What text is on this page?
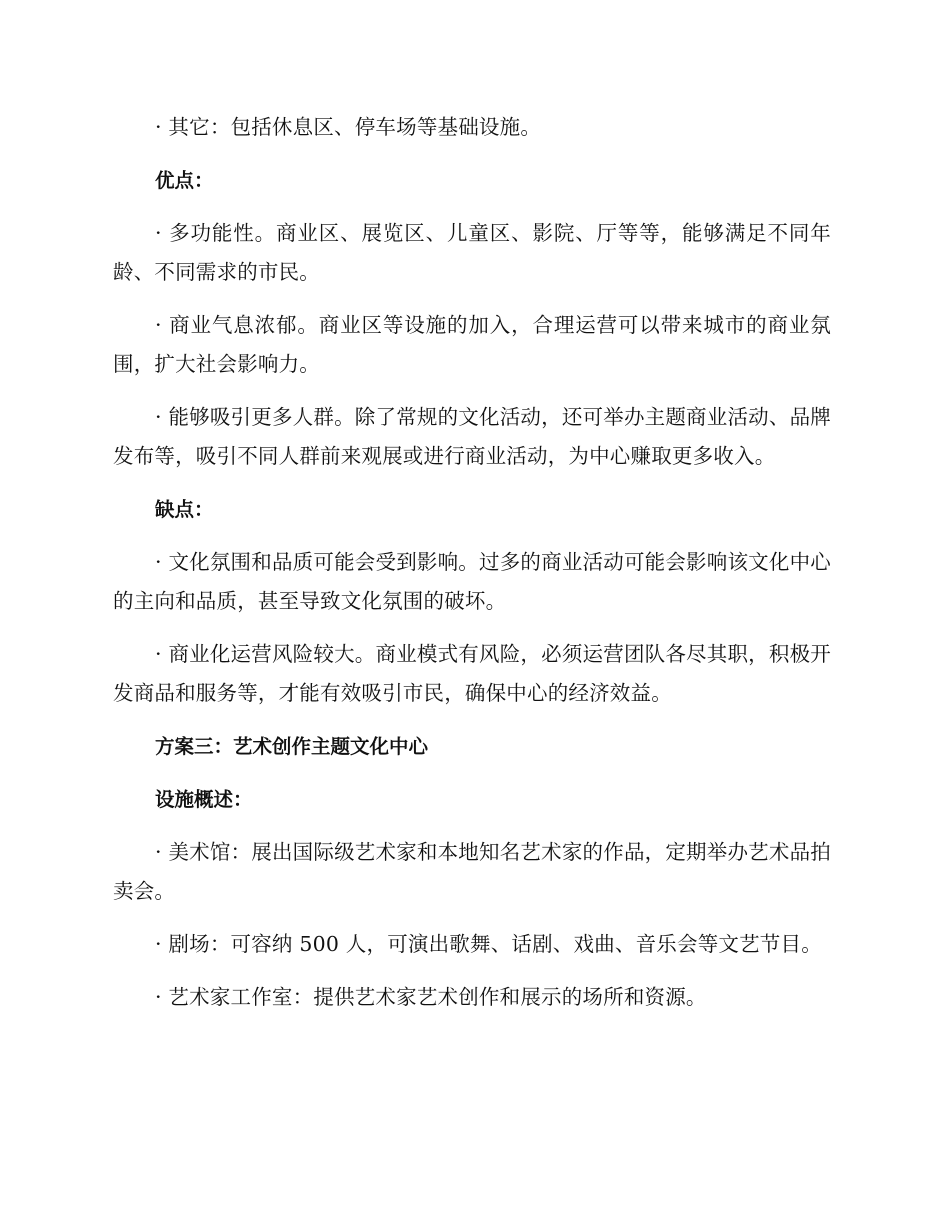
· 其它：包括休息区、停车场等基础设施。

优点：

· 多功能性。商业区、展览区、儿童区、影院、厅等等，能够满足不同年龄、不同需求的市民。

· 商业气息浓郁。商业区等设施的加入，合理运营可以带来城市的商业氛围，扩大社会影响力。

· 能够吸引更多人群。除了常规的文化活动，还可举办主题商业活动、品牌发布等，吸引不同人群前来观展或进行商业活动，为中心赚取更多收入。

缺点：

· 文化氛围和品质可能会受到影响。过多的商业活动可能会影响该文化中心的主向和品质，甚至导致文化氛围的破坏。

· 商业化运营风险较大。商业模式有风险，必须运营团队各尽其职，积极开发商品和服务等，才能有效吸引市民，确保中心的经济效益。

方案三：艺术创作主题文化中心

设施概述：

· 美术馆：展出国际级艺术家和本地知名艺术家的作品，定期举办艺术品拍卖会。

· 剧场：可容纳 500 人，可演出歌舞、话剧、戏曲、音乐会等文艺节目。

· 艺术家工作室：提供艺术家艺术创作和展示的场所和资源。
